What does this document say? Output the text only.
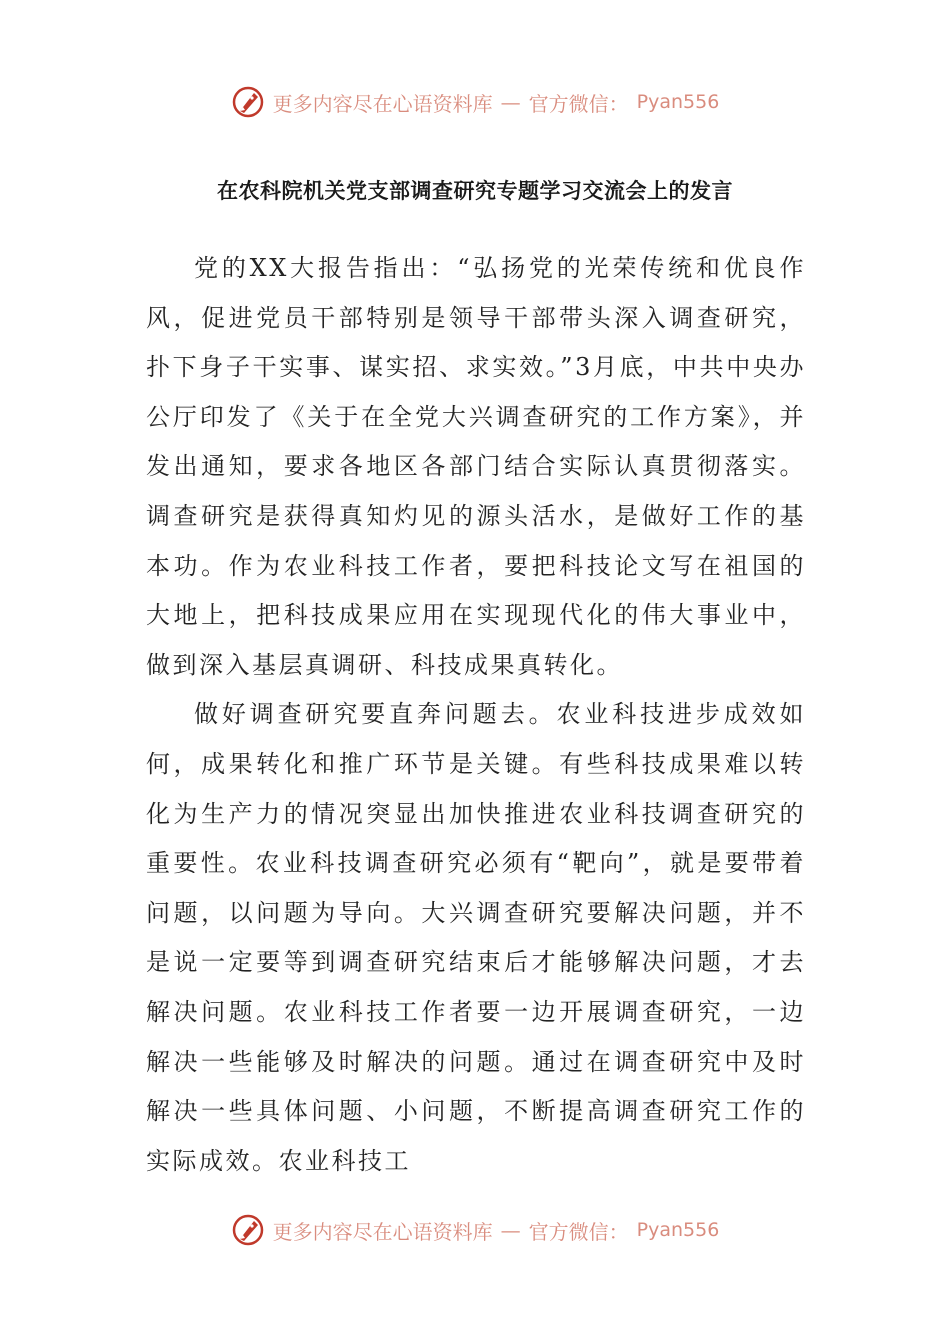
更多内容尽在心语资料库 — 官方微信： Pyan556
在农科院机关党支部调查研究专题学习交流会上的发言

党的XX大报告指出：“弘扬党的光荣传统和优良作风，促进党员干部特别是领导干部带头深入调查研究，扑下身子干实事、谋实招、求实效。”3月底，中共中央办公厅印发了《关于在全党大兴调查研究的工作方案》，并发出通知，要求各地区各部门结合实际认真贯彻落实。调查研究是获得真知灼见的源头活水，是做好工作的基本功。作为农业科技工作者，要把科技论文写在祖国的大地上，把科技成果应用在实现现代化的伟大事业中，做到深入基层真调研、科技成果真转化。

做好调查研究要直奔问题去。农业科技进步成效如何，成果转化和推广环节是关键。有些科技成果难以转化为生产力的情况突显出加快推进农业科技调查研究的重要性。农业科技调查研究必须有“靶向”，就是要带着问题，以问题为导向。大兴调查研究要解决问题，并不是说一定要等到调查研究结束后才能够解决问题，才去解决问题。农业科技工作者要一边开展调查研究，一边解决一些能够及时解决的问题。通过在调查研究中及时解决一些具体问题、小问题，不断提高调查研究工作的实际成效。农业科技工

更多内容尽在心语资料库 — 官方微信： Pyan556
